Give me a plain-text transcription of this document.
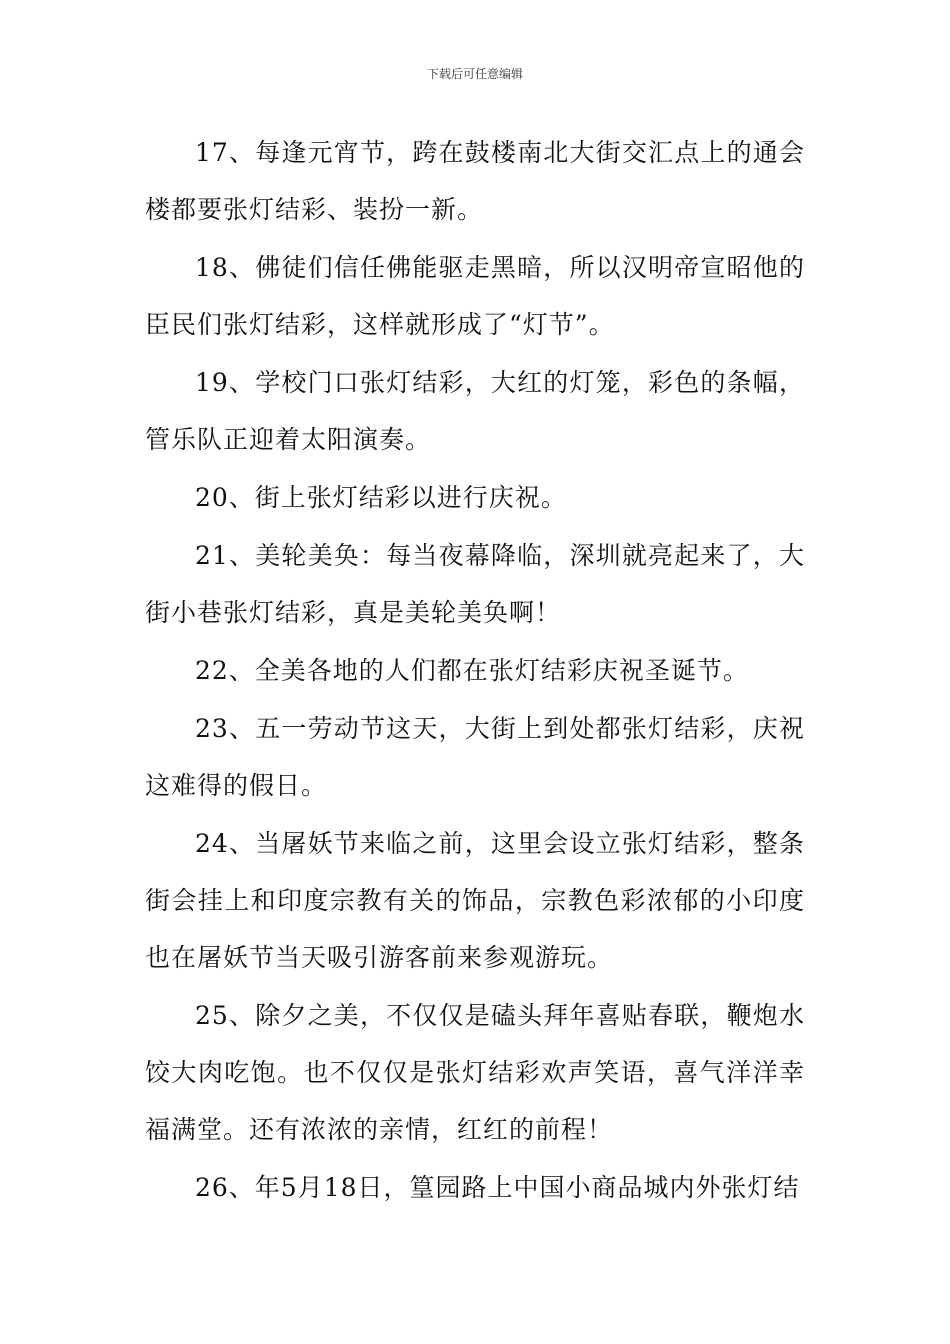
下载后可任意编辑

17、每逢元宵节，跨在鼓楼南北大街交汇点上的通会楼都要张灯结彩、装扮一新。

18、佛徒们信任佛能驱走黑暗，所以汉明帝宣昭他的臣民们张灯结彩，这样就形成了“灯节”。

19、学校门口张灯结彩，大红的灯笼，彩色的条幅，管乐队正迎着太阳演奏。

20、街上张灯结彩以进行庆祝。

21、美轮美奂：每当夜幕降临，深圳就亮起来了，大街小巷张灯结彩，真是美轮美奂啊！

22、全美各地的人们都在张灯结彩庆祝圣诞节。

23、五一劳动节这天，大街上到处都张灯结彩，庆祝这难得的假日。

24、当屠妖节来临之前，这里会设立张灯结彩，整条街会挂上和印度宗教有关的饰品，宗教色彩浓郁的小印度也在屠妖节当天吸引游客前来参观游玩。

25、除夕之美，不仅仅是磕头拜年喜贴春联，鞭炮水饺大肉吃饱。也不仅仅是张灯结彩欢声笑语，喜气洋洋幸福满堂。还有浓浓的亲情，红红的前程！

26、年5月18日，篁园路上中国小商品城内外张灯结
